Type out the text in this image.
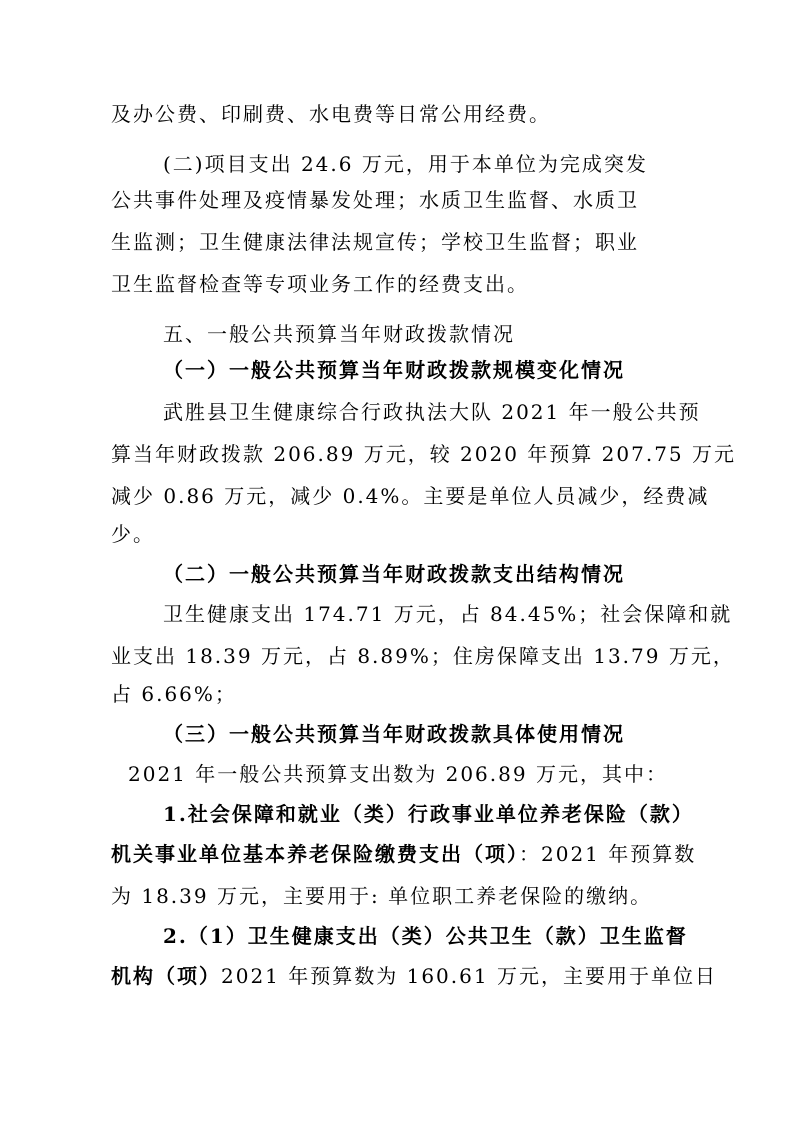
及办公费、印刷费、水电费等日常公用经费。
(二)项目支出 24.6 万元，用于本单位为完成突发
公共事件处理及疫情暴发处理；水质卫生监督、水质卫
生监测；卫生健康法律法规宣传；学校卫生监督；职业
卫生监督检查等专项业务工作的经费支出。
五、一般公共预算当年财政拨款情况
（一）一般公共预算当年财政拨款规模变化情况
武胜县卫生健康综合行政执法大队 2021 年一般公共预
算当年财政拨款 206.89 万元，较 2020 年预算 207.75 万元
减少 0.86 万元，减少 0.4%。主要是单位人员减少，经费减
少。
（二）一般公共预算当年财政拨款支出结构情况
卫生健康支出 174.71 万元，占 84.45%；社会保障和就
业支出 18.39 万元，占 8.89%；住房保障支出 13.79 万元，
占 6.66%；
（三）一般公共预算当年财政拨款具体使用情况
2021 年一般公共预算支出数为 206.89 万元，其中：
1.社会保障和就业（类）行政事业单位养老保险（款）
机关事业单位基本养老保险缴费支出（项）：2021 年预算数
为 18.39 万元，主要用于: 单位职工养老保险的缴纳。
2.（1）卫生健康支出（类）公共卫生（款）卫生监督
机构（项）2021 年预算数为 160.61 万元，主要用于单位日
